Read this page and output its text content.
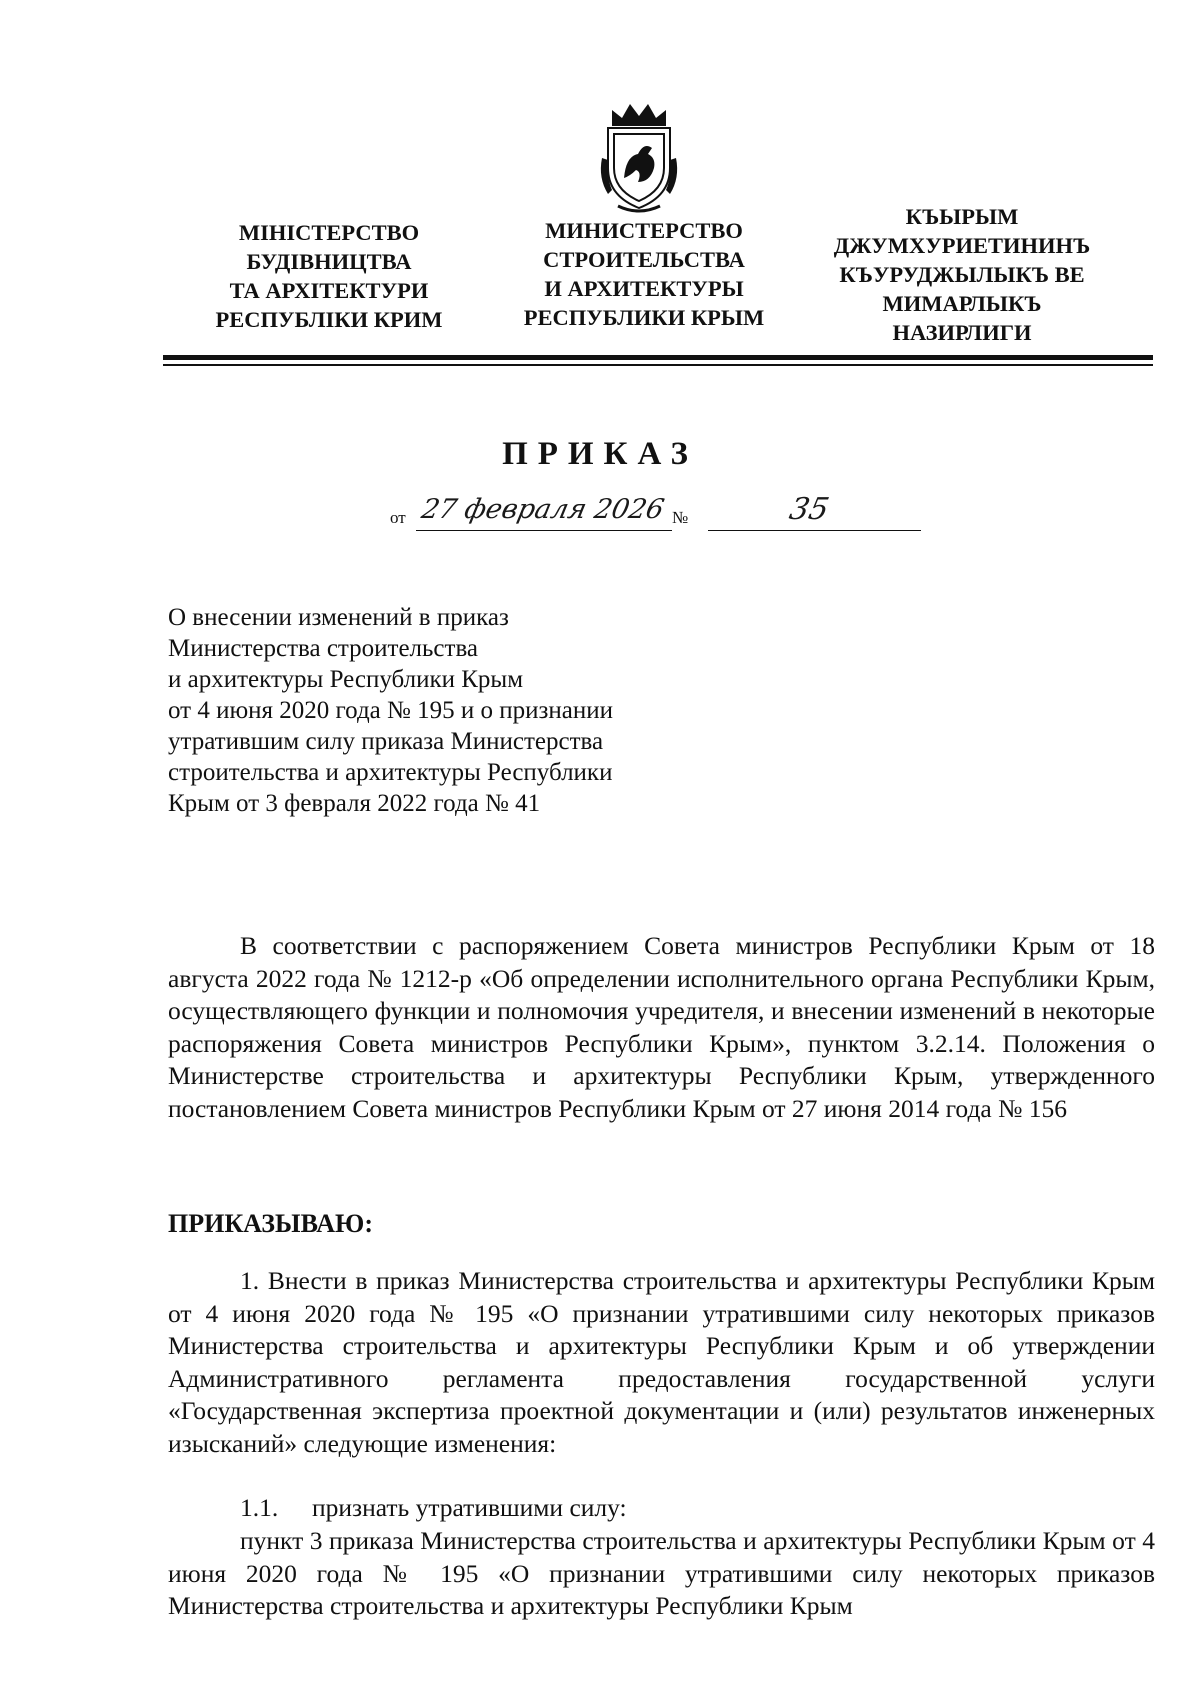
МІНІСТЕРСТВО
БУДІВНИЦТВА
ТА АРХІТЕКТУРИ
РЕСПУБЛІКИ КРИМ
МИНИСТЕРСТВО
СТРОИТЕЛЬСТВА
И АРХИТЕКТУРЫ
РЕСПУБЛИКИ КРЫМ
КЪЫРЫМ
ДЖУМХУРИЕТИНИНЪ
КЪУРУДЖЫЛЫКЪ ВЕ
МИМАРЛЫКЪ
НАЗИРЛИГИ
ПРИКАЗ
от 27 февраля 2026 №	35
О внесении изменений в приказ
Министерства строительства
и архитектуры Республики Крым
от 4 июня 2020 года № 195 и о признании
утратившим силу приказа Министерства
строительства и архитектуры Республики
Крым от 3 февраля 2022 года № 41

В соответствии с распоряжением Совета министров Республики Крым от 18 августа 2022 года № 1212-р «Об определении исполнительного органа Республики Крым, осуществляющего функции и полномочия учредителя, и внесении изменений в некоторые распоряжения Совета министров Республики Крым», пунктом 3.2.14. Положения о Министерстве строительства и архитектуры Республики Крым, утвержденного постановлением Совета министров Республики Крым от 27 июня 2014 года № 156

ПРИКАЗЫВАЮ:

1. Внести в приказ Министерства строительства и архитектуры Республики Крым от 4 июня 2020 года № 195 «О признании утратившими силу некоторых приказов Министерства строительства и архитектуры Республики Крым и об утверждении Административного регламента предоставления государственной услуги «Государственная экспертиза проектной документации и (или) результатов инженерных изысканий» следующие изменения:

1.1. признать утратившими силу:

пункт 3 приказа Министерства строительства и архитектуры Республики Крым от 4 июня 2020 года № 195 «О признании утратившими силу некоторых приказов Министерства строительства и архитектуры Республики Крым
